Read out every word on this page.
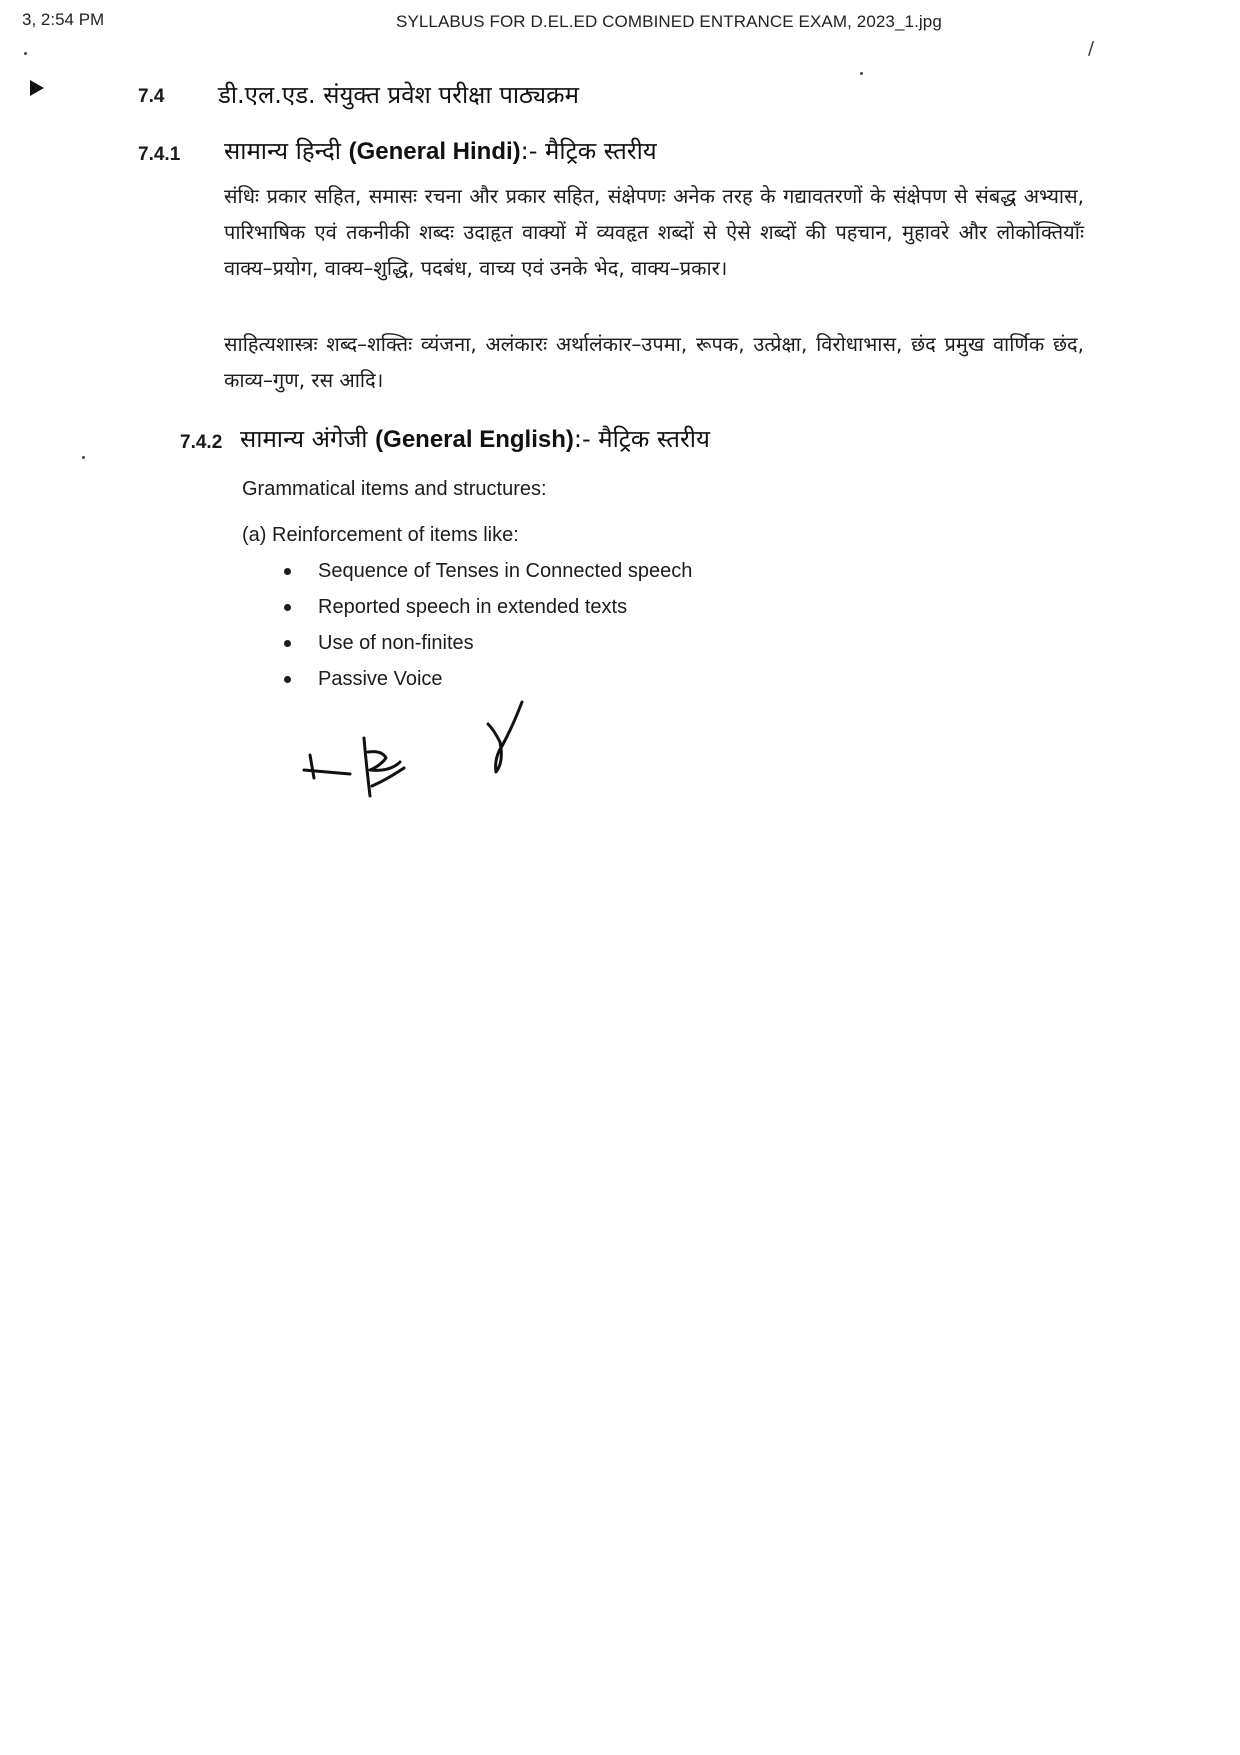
3, 2:54 PM	SYLLABUS FOR D.EL.ED COMBINED ENTRANCE EXAM, 2023_1.jpg
/
7.4 डी.एल.एड. संयुक्त प्रवेश परीक्षा पाठ्यक्रम
7.4.1 सामान्य हिन्दी (General Hindi):- मैट्रिक स्तरीय

संधिः प्रकार सहित, समासः रचना और प्रकार सहित, संक्षेपणः अनेक तरह के गद्यावतरणों के संक्षेपण से संबद्ध अभ्यास, पारिभाषिक एवं तकनीकी शब्दः उदाहृत वाक्यों में व्यवहृत शब्दों से ऐसे शब्दों की पहचान, मुहावरे और लोकोक्तियाँः वाक्य–प्रयोग, वाक्य–शुद्धि, पदबंध, वाच्य एवं उनके भेद, वाक्य–प्रकार।

साहित्यशास्त्रः शब्द–शक्तिः व्यंजना, अलंकारः अर्थालंकार–उपमा, रूपक, उत्प्रेक्षा, विरोधाभास, छंद प्रमुख वार्णिक छंद, काव्य–गुण, रस आदि।

7.4.2 सामान्य अंगेजी (General English):- मैट्रिक स्तरीय
Grammatical items and structures:
(a) Reinforcement of items like:
Sequence of Tenses in Connected speech
Reported speech in extended texts
Use of non-finites
Passive Voice
